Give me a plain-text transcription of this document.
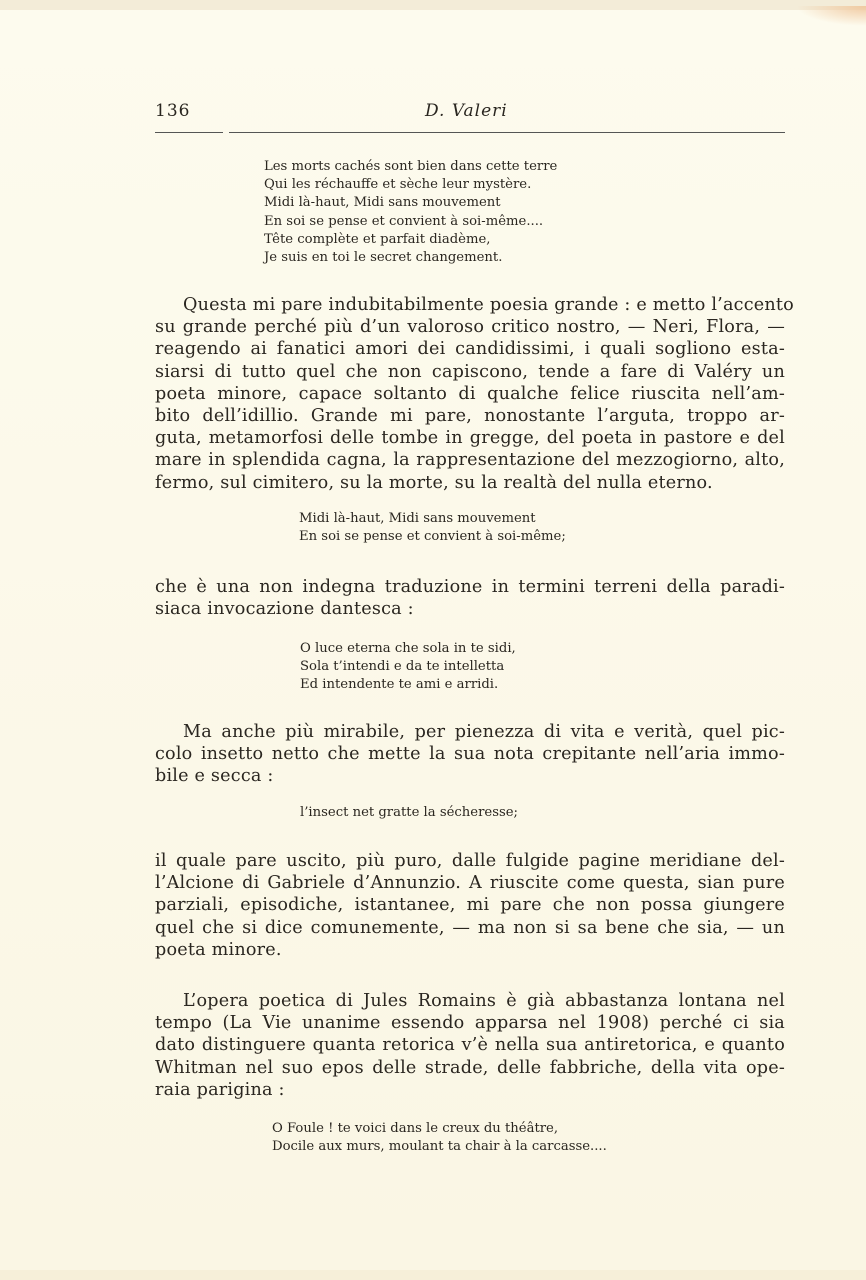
136	D. Valeri
Les morts cachés sont bien dans cette terre
Qui les réchauffe et sèche leur mystère.
Midi là-haut, Midi sans mouvement
En soi se pense et convient à soi-même....
Tête complète et parfait diadème,
Je suis en toi le secret changement.
Questa mi pare indubitabilmente poesia grande : e metto l’accento
su grande perché più d’un valoroso critico nostro, — Neri, Flora, —
reagendo ai fanatici amori dei candidissimi, i quali sogliono esta-
siarsi di tutto quel che non capiscono, tende a fare di Valéry un
poeta minore, capace soltanto di qualche felice riuscita nell’am-
bito dell’idillio. Grande mi pare, nonostante l’arguta, troppo ar-
guta, metamorfosi delle tombe in gregge, del poeta in pastore e del
mare in splendida cagna, la rappresentazione del mezzogiorno, alto,
fermo, sul cimitero, su la morte, su la realtà del nulla eterno.
Midi là-haut, Midi sans mouvement
En soi se pense et convient à soi-même;
che è una non indegna traduzione in termini terreni della paradi-
siaca invocazione dantesca :
O luce eterna che sola in te sidi,
Sola t’intendi e da te intelletta
Ed intendente te ami e arridi.
Ma anche più mirabile, per pienezza di vita e verità, quel pic-
colo insetto netto che mette la sua nota crepitante nell’aria immo-
bile e secca :
l’insect net gratte la sécheresse;
il quale pare uscito, più puro, dalle fulgide pagine meridiane del-
l’Alcione di Gabriele d’Annunzio. A riuscite come questa, sian pure
parziali, episodiche, istantanee, mi pare che non possa giungere
quel che si dice comunemente, — ma non si sa bene che sia, — un
poeta minore.
L’opera poetica di Jules Romains è già abbastanza lontana nel
tempo (La Vie unanime essendo apparsa nel 1908) perché ci sia
dato distinguere quanta retorica v’è nella sua antiretorica, e quanto
Whitman nel suo epos delle strade, delle fabbriche, della vita ope-
raia parigina :
O Foule ! te voici dans le creux du théâtre,
Docile aux murs, moulant ta chair à la carcasse....
